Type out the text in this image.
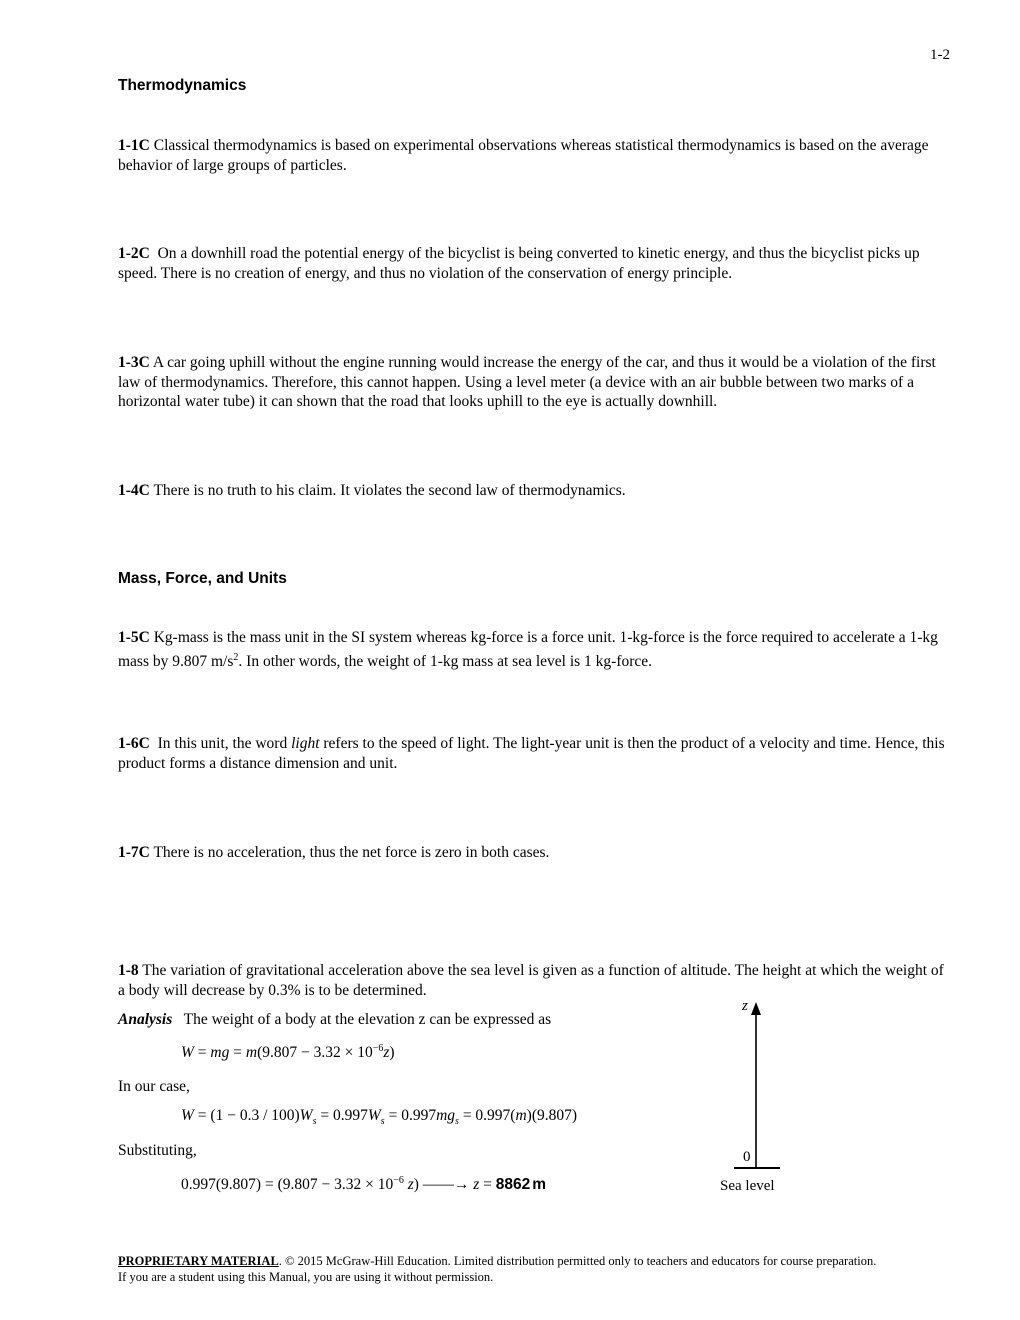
1-2
Thermodynamics
1-1C Classical thermodynamics is based on experimental observations whereas statistical thermodynamics is based on the average behavior of large groups of particles.
1-2C On a downhill road the potential energy of the bicyclist is being converted to kinetic energy, and thus the bicyclist picks up speed. There is no creation of energy, and thus no violation of the conservation of energy principle.
1-3C A car going uphill without the engine running would increase the energy of the car, and thus it would be a violation of the first law of thermodynamics. Therefore, this cannot happen. Using a level meter (a device with an air bubble between two marks of a horizontal water tube) it can shown that the road that looks uphill to the eye is actually downhill.
1-4C There is no truth to his claim. It violates the second law of thermodynamics.
Mass, Force, and Units
1-5C Kg-mass is the mass unit in the SI system whereas kg-force is a force unit. 1-kg-force is the force required to accelerate a 1-kg mass by 9.807 $m/s^2$. In other words, the weight of 1-kg mass at sea level is 1 kg-force.
1-6C In this unit, the word light refers to the speed of light. The light-year unit is then the product of a velocity and time. Hence, this product forms a distance dimension and unit.
1-7C There is no acceleration, thus the net force is zero in both cases.
1-8 The variation of gravitational acceleration above the sea level is given as a function of altitude. The height at which the weight of a body will decrease by 0.3% is to be determined.
Analysis The weight of a body at the elevation z can be expressed as
W = mg = $m(9.807 - 3.32 \times 10^{-6}z)$
In our case,
$W = (1 - 0.3 / 100)W_s = 0.997W_s = 0.997mg_s = 0.997(m)(9.807)$
Substituting,
$0.997(9.807) = (9.807 - 3.32 \times 10^{-6}$ z) ——→ z = 8862 m
z
0
Sea level
PROPRIETARY MATERIAL. © 2015 McGraw-Hill Education. Limited distribution permitted only to teachers and educators for course preparation.
If you are a student using this Manual, you are using it without permission.
